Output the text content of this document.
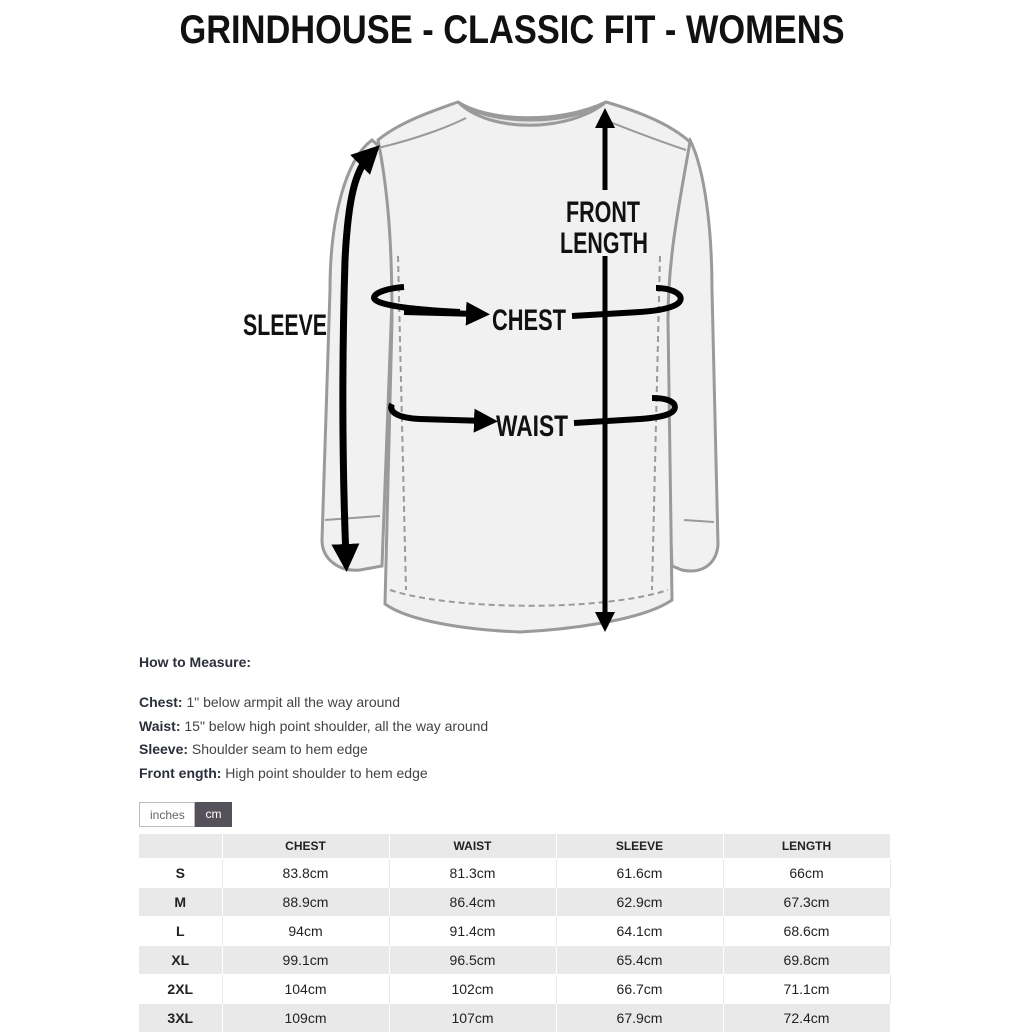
GRINDHOUSE - CLASSIC FIT - WOMENS
SLEEVE	CHEST
WAIST
FRONT
LENGTH
How to Measure:
Chest: 1" below armpit all the way around
Waist: 15" below high point shoulder, all the way around
Sleeve: Shoulder seam to hem edge
Front ength: High point shoulder to hem edge
inches	cm
	CHEST	WAIST	SLEEVE	LENGTH
S	83.8cm	81.3cm	61.6cm	66cm
M	88.9cm	86.4cm	62.9cm	67.3cm
L	94cm	91.4cm	64.1cm	68.6cm
XL	99.1cm	96.5cm	65.4cm	69.8cm
2XL	104cm	102cm	66.7cm	71.1cm
3XL	109cm	107cm	67.9cm	72.4cm
